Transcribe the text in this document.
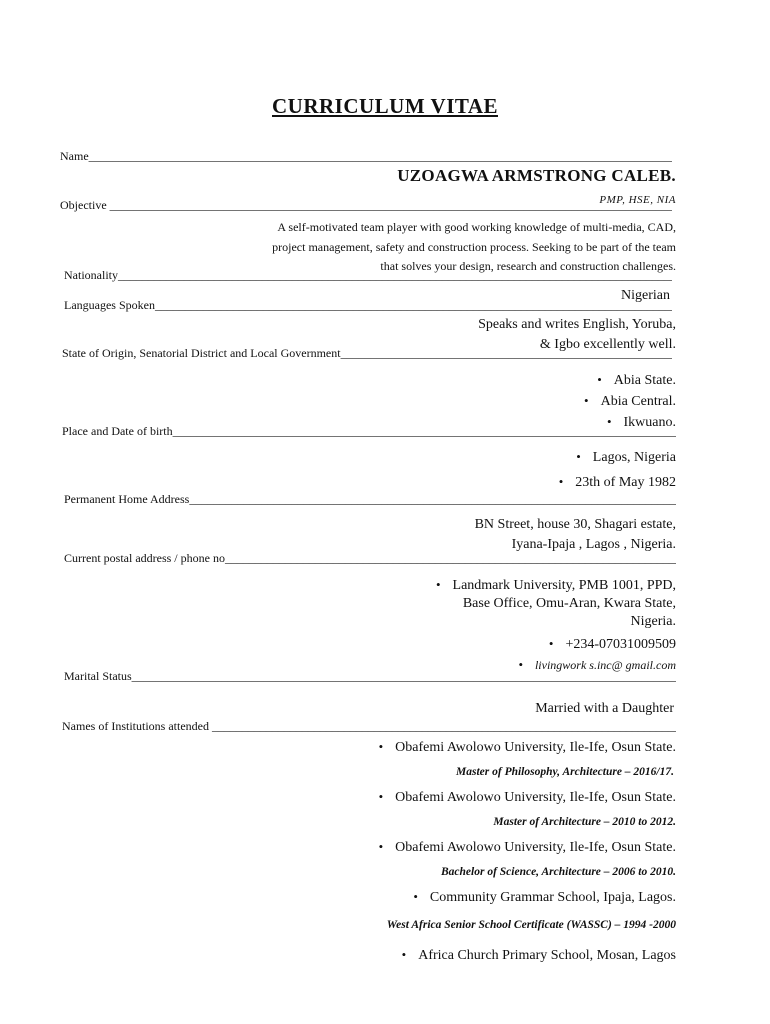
CURRICULUM VITAE
Name _____
UZOAGWA ARMSTRONG CALEB.
PMP, HSE, NIA
Objective _____
A self-motivated team player with good working knowledge of multi-media, CAD,
project management, safety and construction process. Seeking to be part of the team
that solves your design, research and construction challenges.
Nationality _____
Nigerian
Languages Spoken _____
Speaks and writes English, Yoruba,
& Igbo excellently well.
State of Origin, Senatorial District and Local Government _____
• Abia State.
• Abia Central.
• Ikwuano.
Place and Date of birth _____
• Lagos, Nigeria
• 23th of May 1982
Permanent Home Address _____
BN Street, house 30, Shagari estate,
Iyana-Ipaja , Lagos , Nigeria.
Current postal address / phone no _____
• Landmark University, PMB 1001, PPD,
Base Office, Omu-Aran, Kwara State,
Nigeria.
• +234-07031009509
• livingwork s.inc@ gmail.com
Marital Status _____
Married with a Daughter
Names of Institutions attended _____
• Obafemi Awolowo University, Ile-Ife, Osun State.
Master of Philosophy, Architecture – 2016/17.
• Obafemi Awolowo University, Ile-Ife, Osun State.
Master of Architecture – 2010 to 2012.
• Obafemi Awolowo University, Ile-Ife, Osun State.
Bachelor of Science, Architecture – 2006 to 2010.
• Community Grammar School, Ipaja, Lagos.
West Africa Senior School Certificate (WASSC) – 1994 -2000
• Africa Church Primary School, Mosan, Lagos
